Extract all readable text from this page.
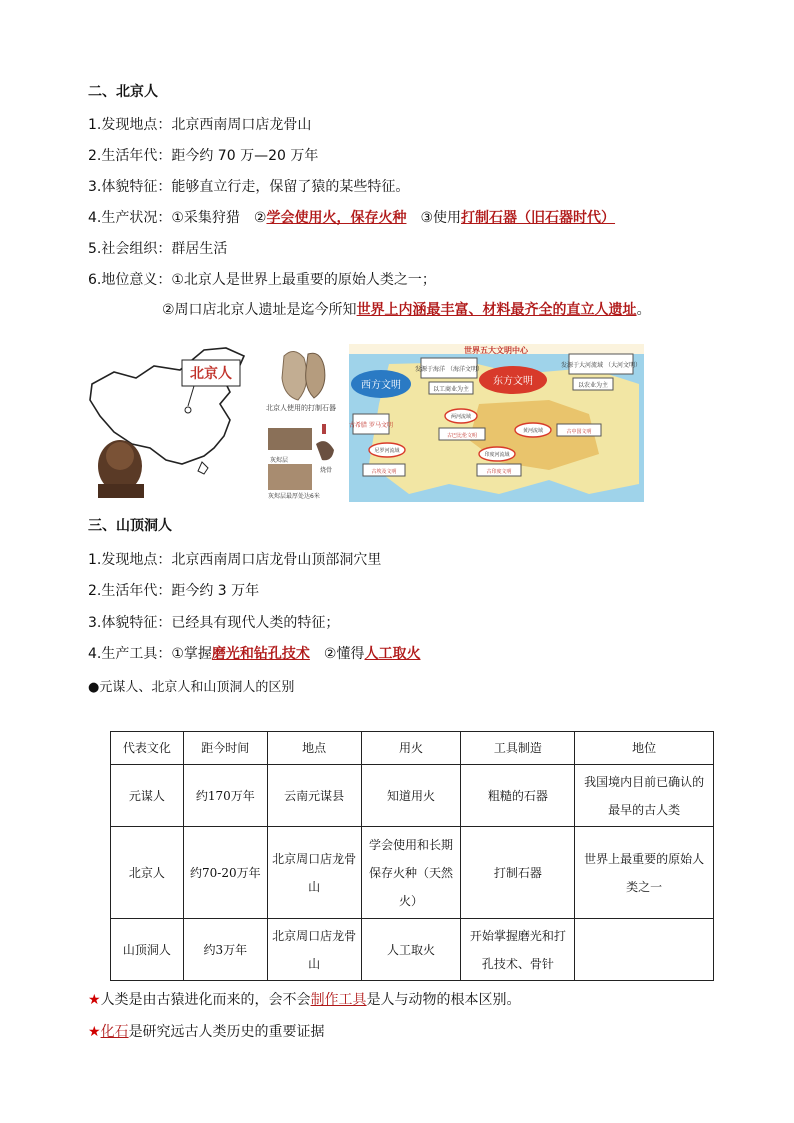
二、北京人
1.发现地点：北京西南周口店龙骨山
2.生活年代：距今约 70 万—20 万年
3.体貌特征：能够直立行走，保留了猿的某些特征。
4.生产状况：①采集狩猎　②学会使用火，保存火种　③使用打制石器（旧石器时代）
5.社会组织：群居生活
6.地位意义：①北京人是世界上最重要的原始人类之一；
②周口店北京人遗址是迄今所知世界上内涵最丰富、材料最齐全的直立人遗址。
北京人
北京人使用的打制石器
灰烬层
灰烬层最厚处达6米
烧骨
世界五大文明中心
西方文明	东方文明
发源于海洋 （海洋文明）
以工商业为主
发源于大河流域 （大河文明）
以农业为主
古希腊 罗马文明
两河流域
古巴比伦文明
尼罗河流域
古埃及文明
印度河流域
古印度文明
黄河流域	古中国文明
三、山顶洞人
1.发现地点：北京西南周口店龙骨山顶部洞穴里
2.生活年代：距今约 3 万年
3.体貌特征：已经具有现代人类的特征；
4.生产工具：①掌握磨光和钻孔技术　②懂得人工取火
●元谋人、北京人和山顶洞人的区别
代表文化	距今时间	地点	用火	工具制造	地位
元谋人	约170万年	云南元谋县	知道用火	粗糙的石器	我国境内目前已确认的最早的古人类
北京人	约70-20万年	北京周口店龙骨山	学会使用和长期保存火种（天然火）	打制石器	世界上最重要的原始人类之一
山顶洞人	约3万年	北京周口店龙骨山	人工取火	开始掌握磨光和打孔技术、骨针	
★人类是由古猿进化而来的，会不会制作工具是人与动物的根本区别。
★化石是研究远古人类历史的重要证据
